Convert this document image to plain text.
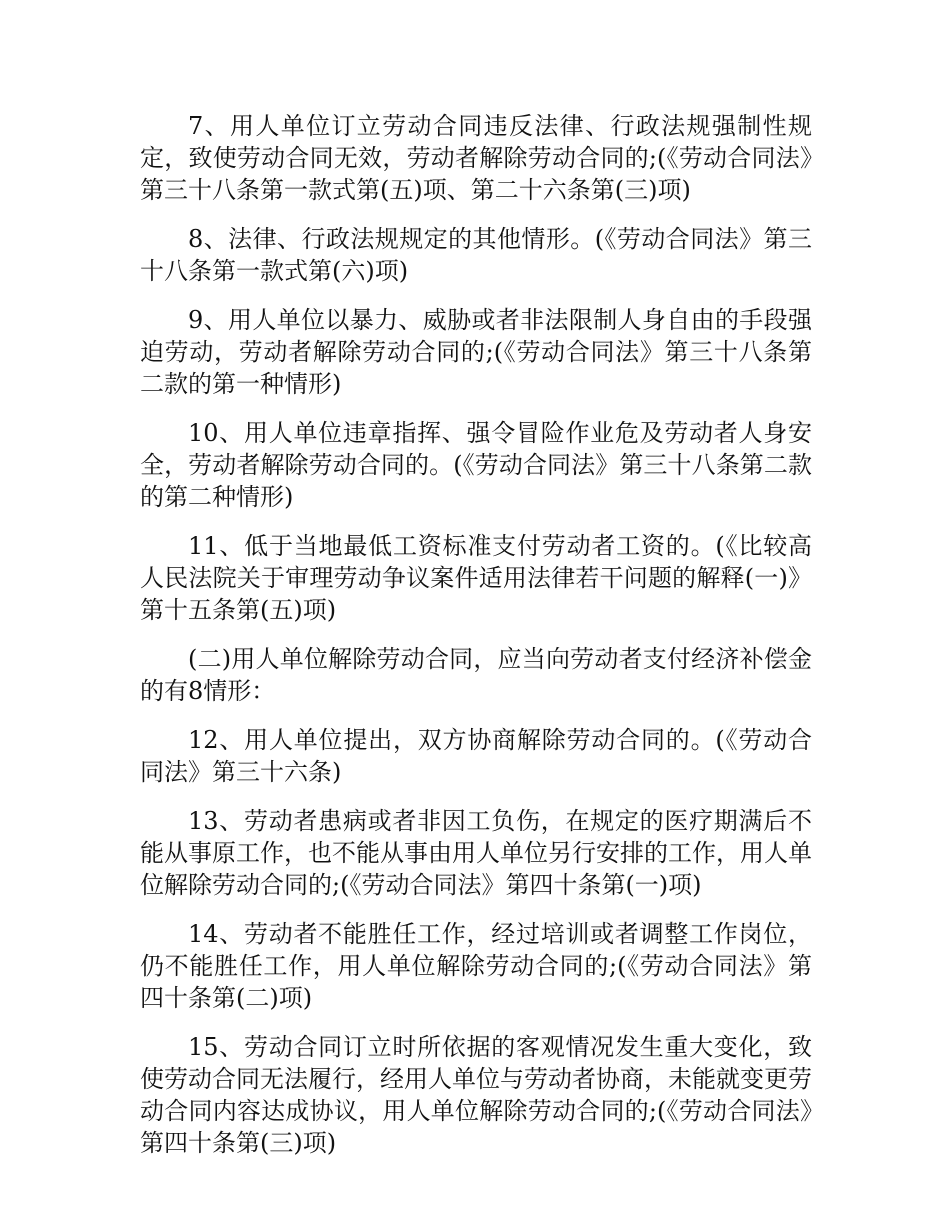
7、用人单位订立劳动合同违反法律、行政法规强制性规定，致使劳动合同无效，劳动者解除劳动合同的;(《劳动合同法》第三十八条第一款式第(五)项、第二十六条第(三)项)

8、法律、行政法规规定的其他情形。(《劳动合同法》第三十八条第一款式第(六)项)

9、用人单位以暴力、威胁或者非法限制人身自由的手段强迫劳动，劳动者解除劳动合同的;(《劳动合同法》第三十八条第二款的第一种情形)

10、用人单位违章指挥、强令冒险作业危及劳动者人身安全，劳动者解除劳动合同的。(《劳动合同法》第三十八条第二款的第二种情形)

11、低于当地最低工资标准支付劳动者工资的。(《比较高人民法院关于审理劳动争议案件适用法律若干问题的解释(一)》第十五条第(五)项)

(二)用人单位解除劳动合同，应当向劳动者支付经济补偿金的有8情形：

12、用人单位提出，双方协商解除劳动合同的。(《劳动合同法》第三十六条)

13、劳动者患病或者非因工负伤，在规定的医疗期满后不能从事原工作，也不能从事由用人单位另行安排的工作，用人单位解除劳动合同的;(《劳动合同法》第四十条第(一)项)

14、劳动者不能胜任工作，经过培训或者调整工作岗位，仍不能胜任工作，用人单位解除劳动合同的;(《劳动合同法》第四十条第(二)项)

15、劳动合同订立时所依据的客观情况发生重大变化，致使劳动合同无法履行，经用人单位与劳动者协商，未能就变更劳动合同内容达成协议，用人单位解除劳动合同的;(《劳动合同法》第四十条第(三)项)
